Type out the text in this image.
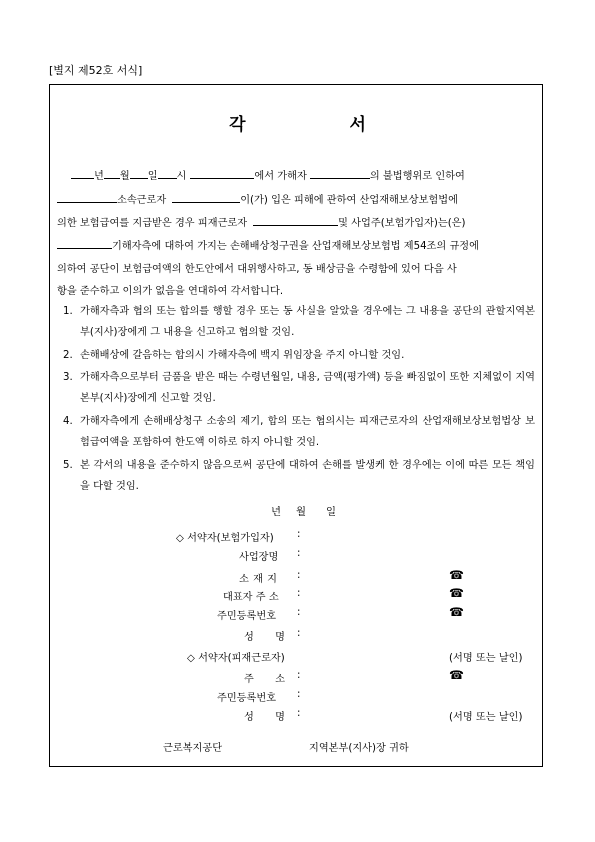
[별지 제52호 서식]
각	서
년 월 일 시	에서 가해자	의 불법행위로 인하여
소속근로자	이(가) 입은 피해에 관하여 산업재해보상보험법에
의한 보험급여를 지급받은 경우 피재근로자	및 사업주(보험가입자)는(은)
기해자측에 대하여 가지는 손해배상청구권을 산업재해보상보험법 제54조의 규정에
의하여 공단이 보험급여액의 한도안에서 대위행사하고, 동 배상금을 수령함에 있어 다음 사
항을 준수하고 이의가 없음을 연대하여 각서합니다.
1. 가해자측과 협의 또는 합의를 행할 경우 또는 동 사실을 알았을 경우에는 그 내용을 공단의 관할지역본부(지사)장에게 그 내용을 신고하고 협의할 것임.
2. 손해배상에 갈음하는 합의시 가해자측에 백지 위임장을 주지 아니할 것임.
3. 가해자측으로부터 금품을 받은 때는 수령년월일, 내용, 금액(평가액) 등을 빠짐없이 또한 지체없이 지역본부(지사)장에게 신고할 것임.
4. 가해자측에게 손해배상청구 소송의 제기, 합의 또는 협의시는 피재근로자의 산업재해보상보험법상 보험급여액을 포함하여 한도액 이하로 하지 아니할 것임.
5. 본 각서의 내용을 준수하지 않음으로써 공단에 대하여 손해를 발생케 한 경우에는 이에 따른 모든 책임을 다할 것임.
년 월 일
◇ 서약자(보험가입자) :
사업장명 :
소 재 지 :	☎
대표자 주 소 :	☎
주민등록번호 :	☎
성 명 :
◇ 서약자(피재근로자)	(서명 또는 날인)
주 소 :	☎
주민등록번호 :
성 명 :	(서명 또는 날인)
근로복지공단	지역본부(지사)장 귀하
